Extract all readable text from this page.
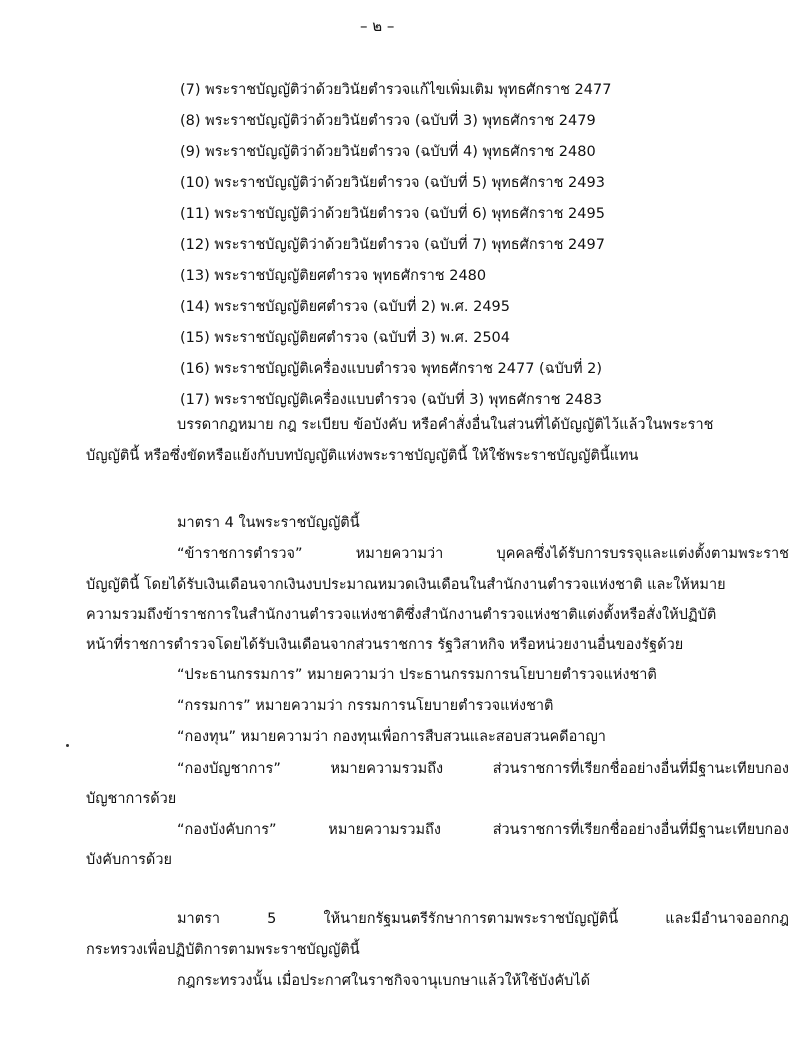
– ๒ –
(7) พระราชบัญญัติว่าด้วยวินัยตำรวจแก้ไขเพิ่มเติม พุทธศักราช 2477
(8) พระราชบัญญัติว่าด้วยวินัยตำรวจ (ฉบับที่ 3) พุทธศักราช 2479
(9) พระราชบัญญัติว่าด้วยวินัยตำรวจ (ฉบับที่ 4) พุทธศักราช 2480
(10) พระราชบัญญัติว่าด้วยวินัยตำรวจ (ฉบับที่ 5) พุทธศักราช 2493
(11) พระราชบัญญัติว่าด้วยวินัยตำรวจ (ฉบับที่ 6) พุทธศักราช 2495
(12) พระราชบัญญัติว่าด้วยวินัยตำรวจ (ฉบับที่ 7) พุทธศักราช 2497
(13) พระราชบัญญัติยศตำรวจ พุทธศักราช 2480
(14) พระราชบัญญัติยศตำรวจ (ฉบับที่ 2) พ.ศ. 2495
(15) พระราชบัญญัติยศตำรวจ (ฉบับที่ 3) พ.ศ. 2504
(16) พระราชบัญญัติเครื่องแบบตำรวจ พุทธศักราช 2477 (ฉบับที่ 2)
(17) พระราชบัญญัติเครื่องแบบตำรวจ (ฉบับที่ 3) พุทธศักราช 2483
บรรดากฎหมาย กฎ ระเบียบ ข้อบังคับ หรือคำสั่งอื่นในส่วนที่ได้บัญญัติไว้แล้วในพระราช
บัญญัตินี้ หรือซึ่งขัดหรือแย้งกับบทบัญญัติแห่งพระราชบัญญัตินี้ ให้ใช้พระราชบัญญัตินี้แทน
มาตรา 4 ในพระราชบัญญัตินี้
“ข้าราชการตำรวจ”	หมายความว่า	บุคคลซึ่งได้รับการบรรจุและแต่งตั้งตามพระราช
บัญญัตินี้ โดยได้รับเงินเดือนจากเงินงบประมาณหมวดเงินเดือนในสำนักงานตำรวจแห่งชาติ และให้หมาย
ความรวมถึงข้าราชการในสำนักงานตำรวจแห่งชาติซึ่งสำนักงานตำรวจแห่งชาติแต่งตั้งหรือสั่งให้ปฏิบัติ
หน้าที่ราชการตำรวจโดยได้รับเงินเดือนจากส่วนราชการ รัฐวิสาหกิจ หรือหน่วยงานอื่นของรัฐด้วย
“ประธานกรรมการ” หมายความว่า ประธานกรรมการนโยบายตำรวจแห่งชาติ
“กรรมการ” หมายความว่า กรรมการนโยบายตำรวจแห่งชาติ
“กองทุน” หมายความว่า กองทุนเพื่อการสืบสวนและสอบสวนคดีอาญา
“กองบัญชาการ”	หมายความรวมถึง	ส่วนราชการที่เรียกชื่ออย่างอื่นที่มีฐานะเทียบกอง
บัญชาการด้วย
“กองบังคับการ”	หมายความรวมถึง	ส่วนราชการที่เรียกชื่ออย่างอื่นที่มีฐานะเทียบกอง
บังคับการด้วย
มาตรา	5	ให้นายกรัฐมนตรีรักษาการตามพระราชบัญญัตินี้	และมีอำนาจออกกฎ
กระทรวงเพื่อปฏิบัติการตามพระราชบัญญัตินี้
กฎกระทรวงนั้น เมื่อประกาศในราชกิจจานุเบกษาแล้วให้ใช้บังคับได้
